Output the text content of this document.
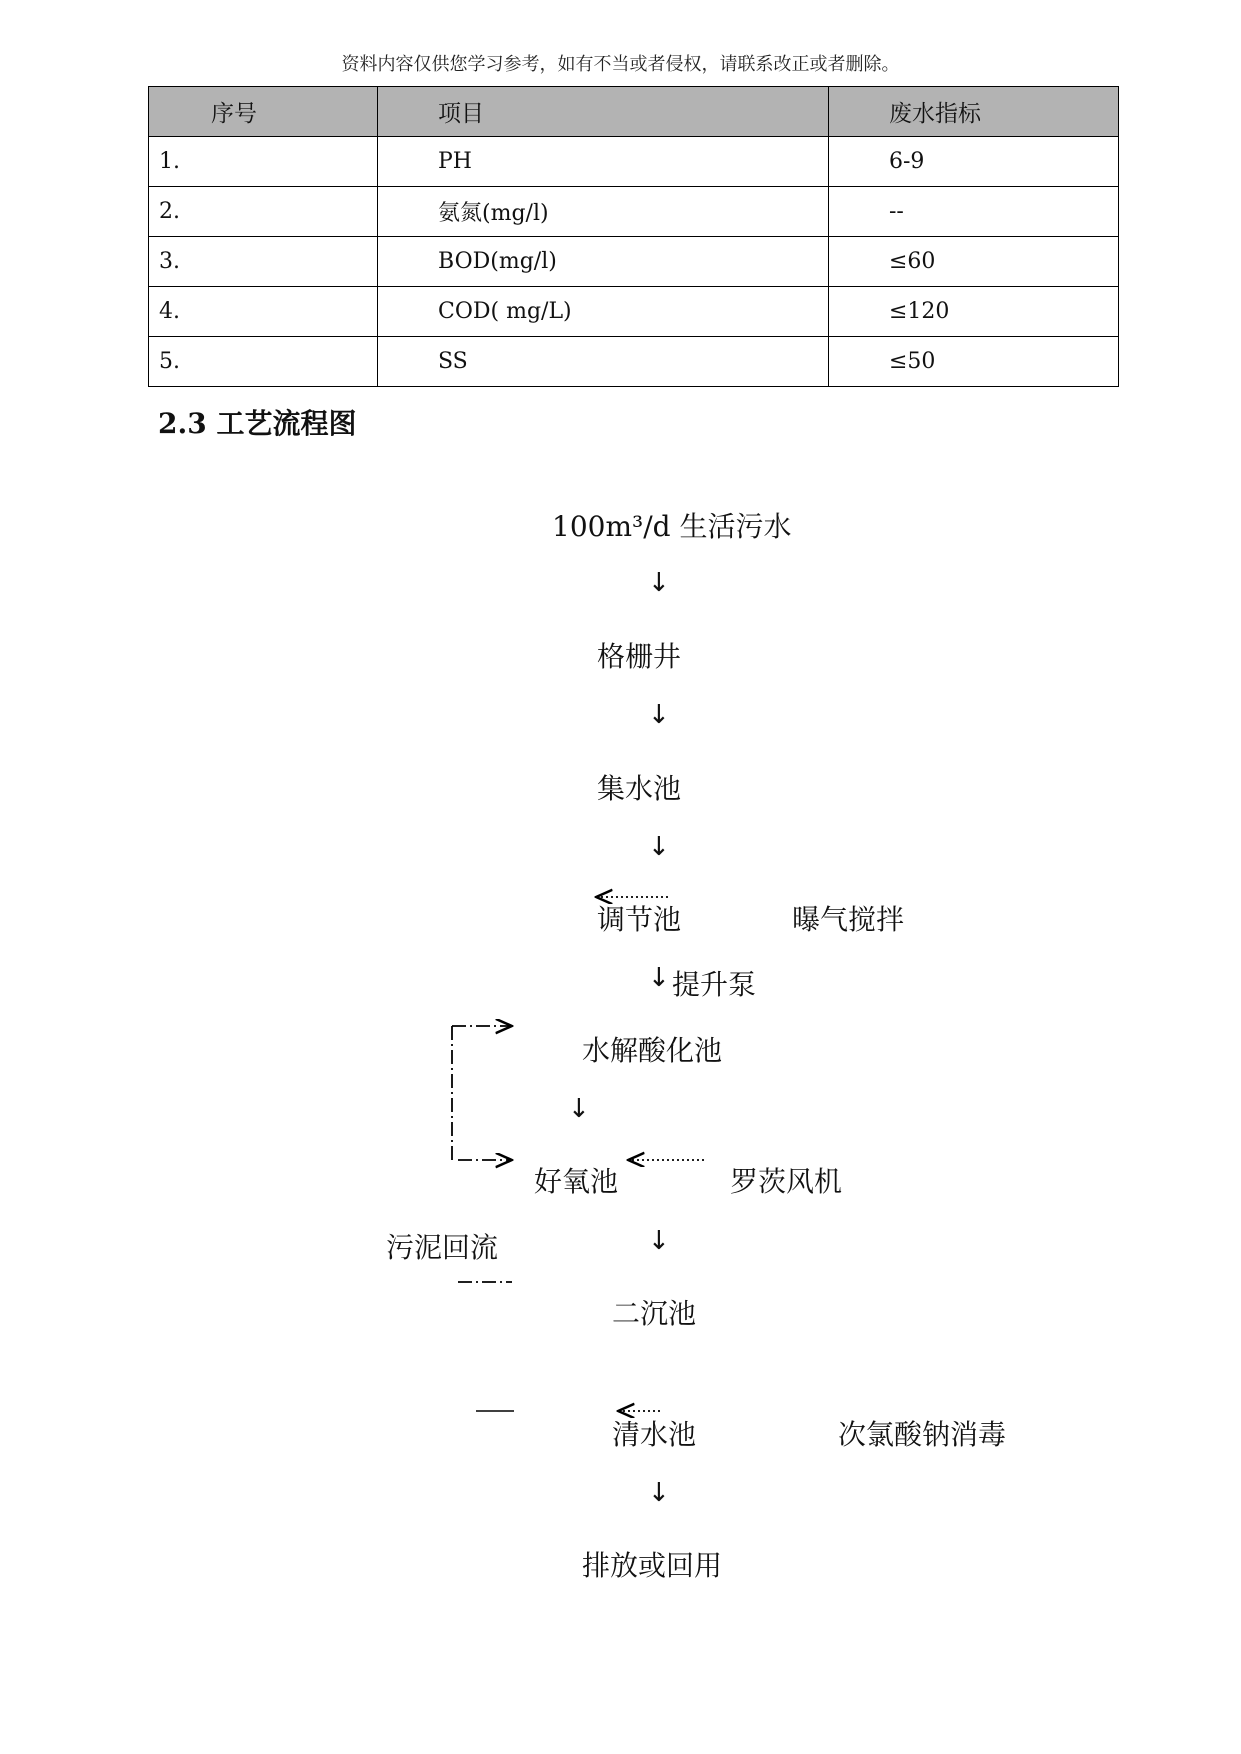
资料内容仅供您学习参考，如有不当或者侵权，请联系改正或者删除。
序号	项目	废水指标
1.	PH	6-9
2.	氨氮(mg/l)	--
3.	BOD(mg/l)	≤60
4.	COD( mg/L)	≤120
5.	SS	≤50
2.3 工艺流程图
100m³/d 生活污水
↓
格栅井
↓
集水池
↓
调节池	曝气搅拌
↓ 提升泵
水解酸化池
↓
好氧池	罗茨风机
污泥回流	↓
二沉池
清水池	次氯酸钠消毒
↓
排放或回用
